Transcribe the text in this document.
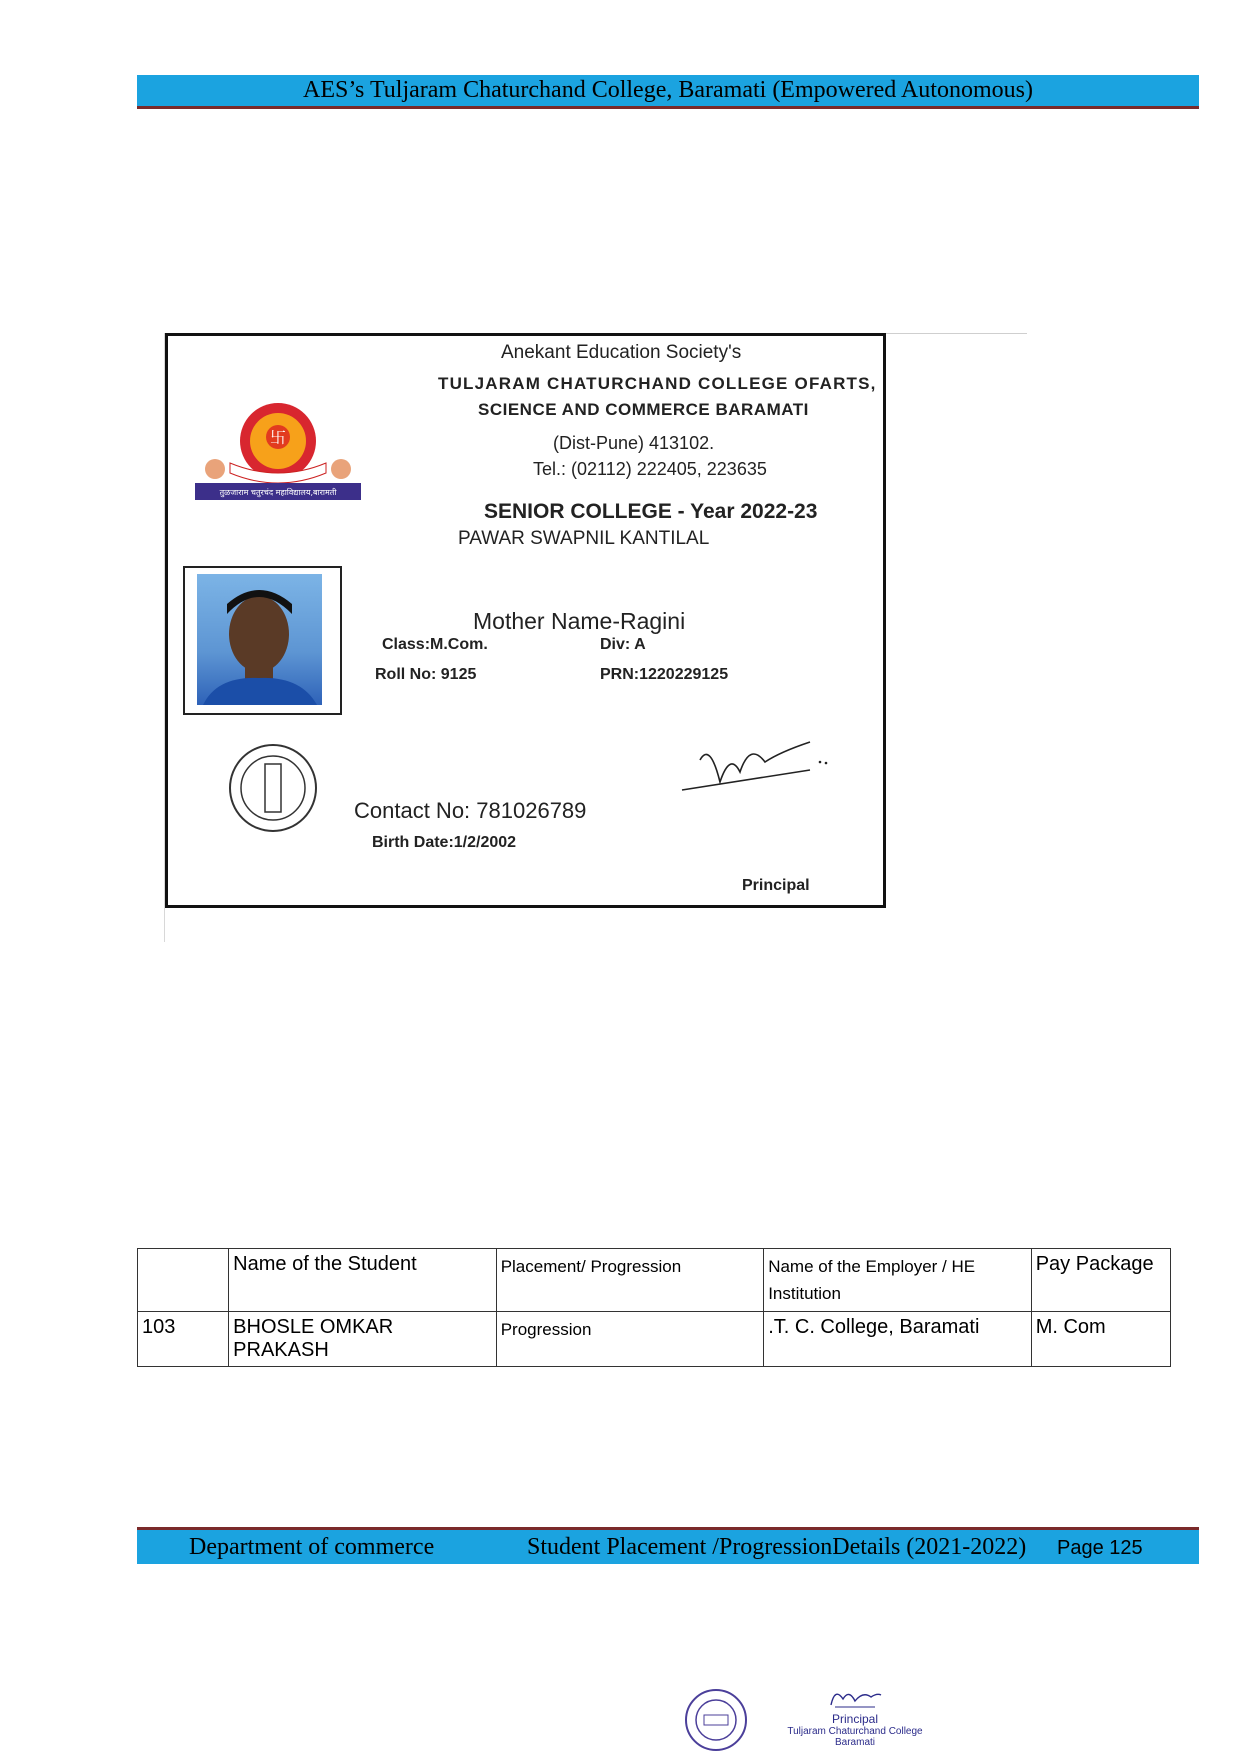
AES’s Tuljaram Chaturchand College, Baramati (Empowered Autonomous)
卐
तुळजाराम चतुरचंद महाविद्यालय,बारामती
Anekant Education Society's
TULJARAM CHATURCHAND COLLEGE OFARTS,
SCIENCE AND COMMERCE BARAMATI
(Dist-Pune) 413102.
Tel.: (02112) 222405, 223635
SENIOR COLLEGE - Year 2022-23
PAWAR SWAPNIL KANTILAL
Mother Name-Ragini
Class:M.Com.	Div: A
Roll No: 9125	PRN:1220229125
Contact No: 781026789
Birth Date:1/2/2002
Principal
	Name of the Student	Placement/ Progression	Name of the Employer / HE Institution	Pay Package
103	BHOSLE OMKAR PRAKASH	Progression	.T. C. College, Baramati	M. Com
Department of commerce	Student Placement /ProgressionDetails (2021-2022) Page 125
Principal
Tuljaram Chaturchand College
Baramati
